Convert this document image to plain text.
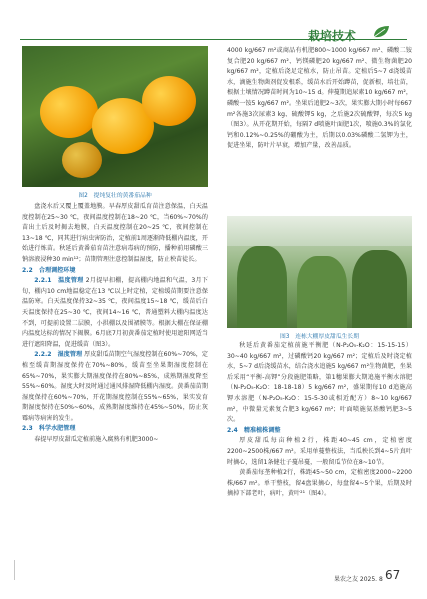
栽培技术
图2　提纯复壮的黄番茄品种

盘浇水后又覆上覆盖地膜。早春厚皮甜瓜育苗注意保温，白天温度控制在25~30 ℃，夜间温度控制在18~20 ℃，当60%~70%的苗出土后及时揭去地膜，白天温度控制在20~25 ℃，夜间控制在13~18 ℃，同其进行病虫害防治，定植前1周逐渐降低棚内温度，开始进行炼苗。秋延后黄番茄育苗注意病毒病的预防，播种前用磷酸三钠溶液浸种30 min¹²；苗期管理注意控制温湿度，防止秧苗徒长。

2.2　合理调控环境

2.2.1　温度管理 2月提早扣棚，提高棚内地温和气温，3月下旬，棚内10 cm地温稳定在13 ℃以上时定植，定植缓苗期要注意保温防寒。白天温度保持32~35 ℃，夜间温度15~18 ℃，缓苗后白天温度保持在25~30 ℃，夜间14~16 ℃，普通塑料大棚内温度达不到，可提前设置二层膜，小拱棚以及围裙膜等。根据大棚在保证棚内温度达标的情况下揭膜。6月底7月初黄番茄定植时使用遮阳网适当进行遮阳降温，促进缓苗（图3）。

2.2.2　湿度管理 厚皮甜瓜苗期空气湿度控制在60%~70%，定植至缓苗期湿度保持在70%~80%，缓苗至坐果期湿度控制在65%~70%，果实膨大期湿度保持在80%~85%，成熟期湿度降至55%~60%。湿度大时及时通过通风排湿降低棚内湿度。黄番茄苗期湿度保持在60%~70%，开花期湿度控制在55%~65%，果实发育期湿度保持在50%~60%，成熟期湿度维持在45%~50%，防止灰霉病等病害的发生。

2.3　科学水肥管理

春提早厚皮甜瓜定植前施入腐熟有机肥3000~

4000 kg/667 m²或商品有机肥800~1000 kg/667 m²、磷酸二铵复合肥20 kg/667 m²、钙镁磷肥20 kg/667 m²、微生物菌肥20 kg/667 m²，定植后浇足定植水，防止吊苗。定植后5~7 d浇缓苗水，滴施生物菌剂促发根系，缓苗水后开始蹲苗，促新根，培壮苗，根据土壤情况蹲苗时间为10~15 d。伸蔓期追尿素10 kg/667 m²，磷酸一铵5 kg/667 m²。坐果后追肥2~3次，果实膨大期小时每667 m²各施3次尿素3 kg、硫酸钾5 kg，之后施2次硫酸钾，每次5 kg（图3）。从开花期开始，每隔7 d喷施叶面肥1次，喷施0.3%的氯化钙和0.12%~0.25%的硼酸为主，后期以0.03%磷酸二氢钾为主，促进坐果，防叶片早衰，增加产量，改善品质。

图3　连栋大棚厚皮甜瓜生长期

秋延后黄番茄定植前施平衡肥（N-P₂O₅-K₂O：15-15-15）30~40 kg/667 m²，过磷酸钙20 kg/667 m²；定植后及时浇定植水，5~7 d后浇缓苗水，结合浇水追施5 kg/667 m²生物菌肥，坐果后采用“平衡-高钾”分段施肥策略，第1穗果膨大期追施平衡水溶肥（N-P₂O₅-K₂O：18-18-18）5 kg/667 m²，盛果期每10 d追施高钾水溶肥（N-P₂O₅-K₂O：15-5-30或相近配方）8~10 kg/667 m²，中微量元素复合肥3 kg/667 m²；叶面喷施氨基酸钙肥3~5次。

2.4　精准植株调整

厚皮甜瓜每亩种植2行，株距40~45 cm，定植密度2200~2500株/667 m²。采用单蔓整枝法，当瓜秧长到4~5片真叶时摘心，选留1条健壮子蔓吊蔓，一般留瓜节位在8~10节。

黄番茄每垄种植2行，株距45~50 cm，定植密度2000~2200株/667 m²。单干整枝，留4盘果摘心，每盘留4~5个果，后期及时摘掉下部老叶，病叶，黄叶²¹（图4）。

果农之友 2025. 8 67
